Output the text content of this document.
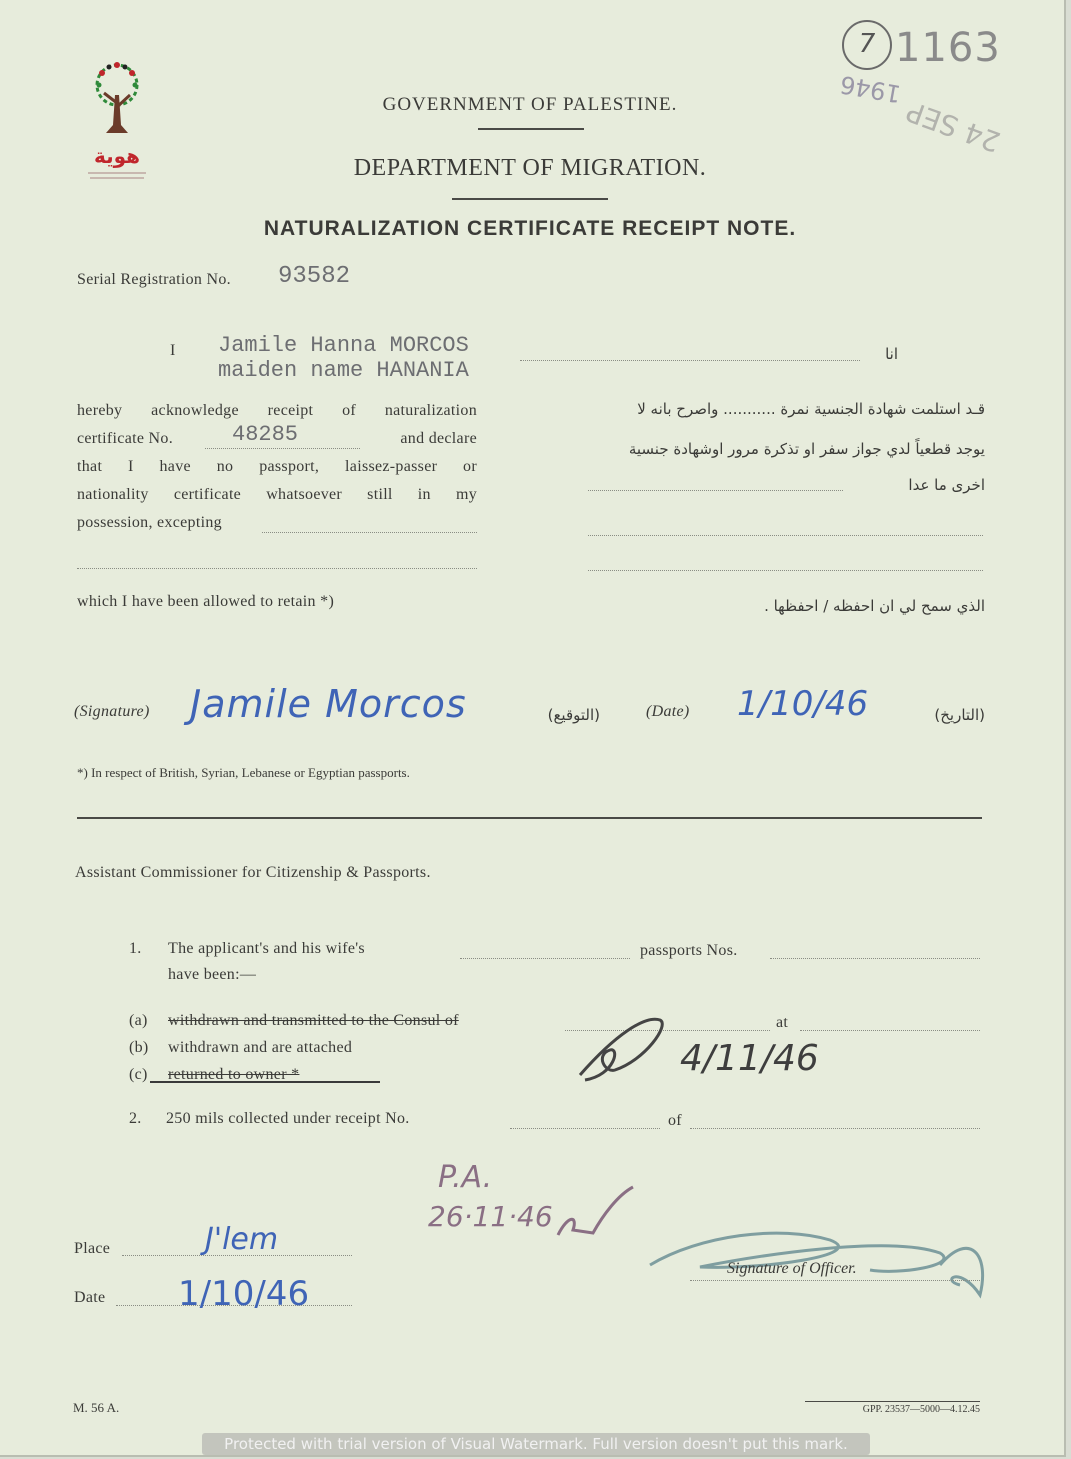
هوية
7 1163
1946
24 SEP
GOVERNMENT OF PALESTINE.
DEPARTMENT OF MIGRATION.
NATURALIZATION CERTIFICATE RECEIPT NOTE.
Serial Registration No. 93582
I Jamile Hanna MORCOS
maiden name HANANIA
انا
hereby acknowledge receipt of naturalization
certificate No.	48285	and declare
that I have no passport, laissez-passer or
nationality certificate whatsoever still in my
possession, excepting
قـد استلمت شهادة الجنسية نمرة ........... واصرح بانه لا
يوجد قطعياً لدي جواز سفر او تذكرة مرور اوشهادة جنسية
اخرى ما عدا
which I have been allowed to retain *)	الذي سمح لي ان احفظه / احفظها .
(Signature) Jamile Morcos	(التوقيع)	(Date) 1/10/46	(التاريخ)
*) In respect of British, Syrian, Lebanese or Egyptian passports.
Assistant Commissioner for Citizenship & Passports.
1. The applicant's and his wife's	passports Nos.
have been:—
(a) withdrawn and transmitted to the Consul of	at
(b) withdrawn and are attached
(c) returned to owner *	4/11/46
2. 250 mils collected under receipt No.	of
P.A.
26·11·46
Place	J'lem
Date 1/10/46
Signature of Officer.
M. 56 A.	GPP. 23537—5000—4.12.45
Protected with trial version of Visual Watermark. Full version doesn't put this mark.
